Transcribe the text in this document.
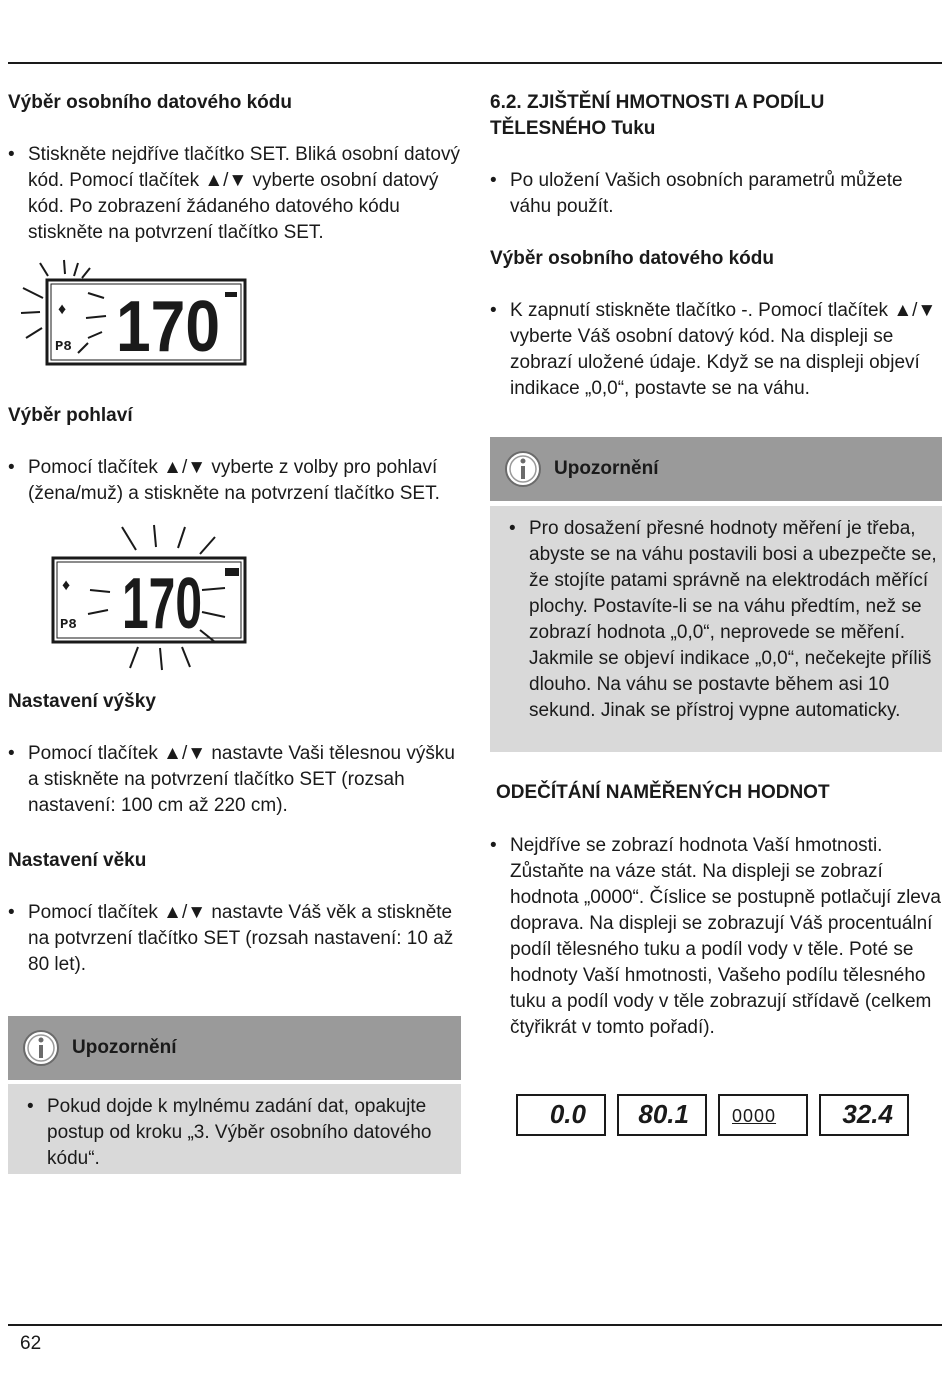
Výběr osobního datového kódu

• Stiskněte nejdříve tlačítko SET. Bliká osobní datový kód. Pomocí tlačítek ▲/▼ vyberte osobní datový kód. Po zobrazení žádaného datového kódu stiskněte na potvrzení tlačítko SET.

P8
♦ 170

Výběr pohlaví

• Pomocí tlačítek ▲/▼ vyberte z volby pro pohlaví (žena/muž) a stiskněte na potvrzení tlačítko SET.

♦
P8 170

Nastavení výšky

• Pomocí tlačítek ▲/▼ nastavte Vaši tělesnou výšku a stiskněte na potvrzení tlačítko SET (rozsah nastavení: 100 cm až 220 cm).

Nastavení věku

• Pomocí tlačítek ▲/▼ nastavte Váš věk a stiskněte na potvrzení tlačítko SET (rozsah nastavení: 10 až 80 let).

Upozornění

• Pokud dojde k mylnému zadání dat, opakujte postup od kroku „3. Výběr osobního datového kódu“.

6.2. ZJIŠTĚNÍ HMOTNOSTI A PODÍLU

TĚLESNÉHO Tuku

• Po uložení Vašich osobních parametrů můžete váhu použít.

Výběr osobního datového kódu

• K zapnutí stiskněte tlačítko -. Pomocí tlačítek ▲/▼ vyberte Váš osobní datový kód. Na displeji se zobrazí uložené údaje. Když se na displeji objeví indikace „0,0“, postavte se na váhu.

Upozornění

• Pro dosažení přesné hodnoty měření je třeba, abyste se na váhu postavili bosi a ubezpečte se, že stojíte patami správně na elektrodách měřící plochy. Postavíte-li se na váhu předtím, než se zobrazí hodnota „0,0“, neprovede se měření. Jakmile se objeví indikace „0,0“, nečekejte příliš dlouho. Na váhu se postavte během asi 10 sekund. Jinak se přístroj vypne automaticky.

ODEČÍTÁNÍ NAMĚŘENÝCH HODNOT

• Nejdříve se zobrazí hodnota Vaší hmotnosti. Zůstaňte na váze stát. Na displeji se zobrazí hodnota „0000“. Číslice se postupně potlačují zleva doprava. Na displeji se zobrazují Váš procentuální podíl tělesného tuku a podíl vody v těle. Poté se hodnoty Vaší hmotnosti, Vašeho podílu tělesného tuku a podíl vody v těle zobrazují střídavě (celkem čtyřikrát v tomto pořadí).

0.0 80.1 0000	32.4
62
